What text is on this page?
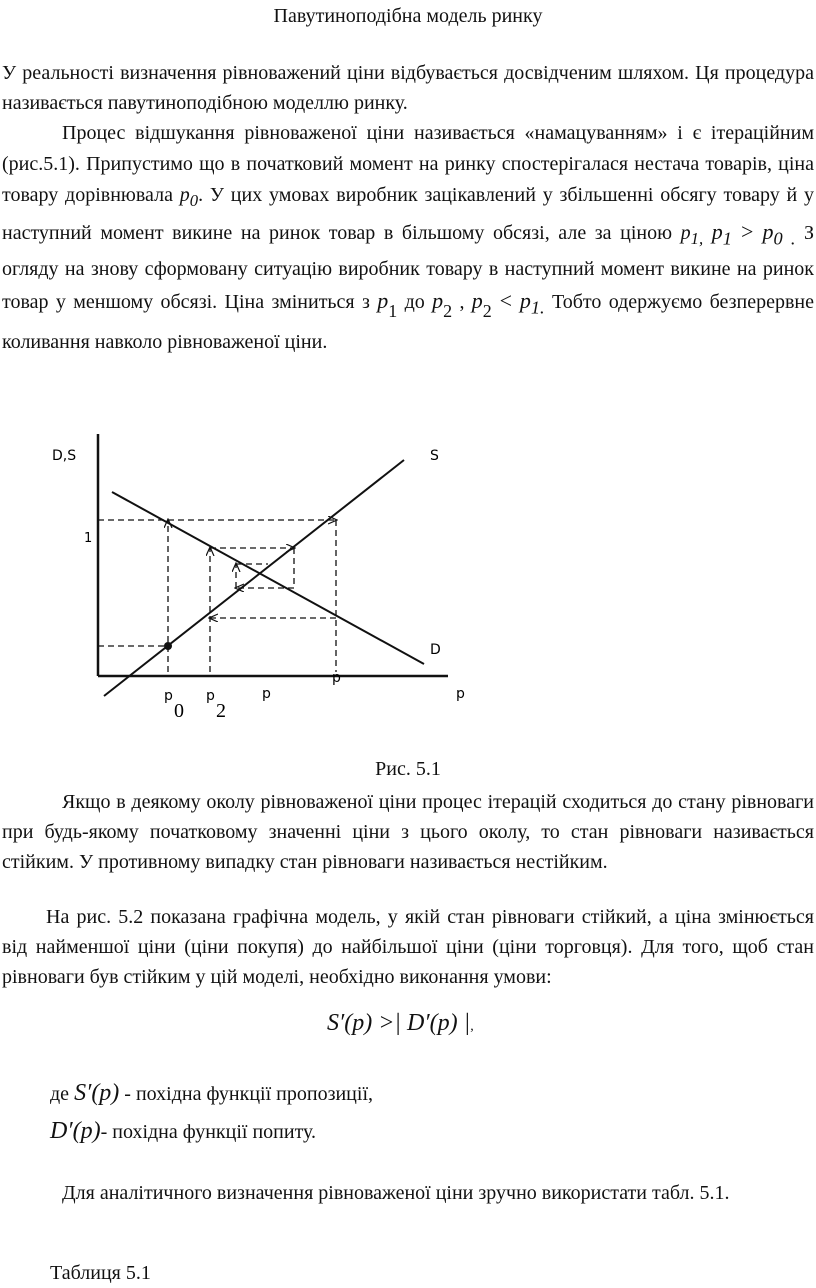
Павутиноподібна модель ринку

У реальності визначення рівноважений ціни відбувається досвідченим шляхом. Ця процедура називається павутиноподібною моделлю ринку.

Процес відшукання рівноваженої ціни називається «намацуванням» і є ітераційним (рис.5.1). Припустимо що в початковий момент на ринку спостерігалася нестача товарів, ціна товару дорівнювала $p_0$. У цих умовах виробник зацікавлений у збільшенні обсягу товару й у наступний момент викине на ринок товар в більшому обсязі, але за ціною $p_{1,}$ $p_1 > p_{0 .}$ З огляду на знову сформовану ситуацію виробник товару в наступний момент викине на ринок товар у меншому обсязі. Ціна зміниться з $p_1$ до $p_2$ , $p_2 < p_{1.}$ Тобто одержуємо безперервне коливання навколо рівноваженої ціни.

D,S
p
S
D
1
p
0
p
2
p
p
Рис. 5.1

Якщо в деякому околу рівноваженої ціни процес ітерацій сходиться до стану рівноваги при будь-якому початковому значенні ціни з цього околу, то стан рівноваги називається стійким. У противному випадку стан рівноваги називається нестійким.

На рис. 5.2 показана графічна модель, у якій стан рівноваги стійкий, а ціна змінюється від найменшої ціни (ціни покупя) до найбільшої ціни (ціни торговця). Для того, щоб стан рівноваги був стійким у цій моделі, необхідно виконання умови:

S′(p) >| D′(p) |,
де S′(p) - похідна функції пропозиції,
D′(p)- похідна функції попиту.

Для аналітичного визначення рівноваженої ціни зручно використати табл. 5.1.

Таблиця 5.1
